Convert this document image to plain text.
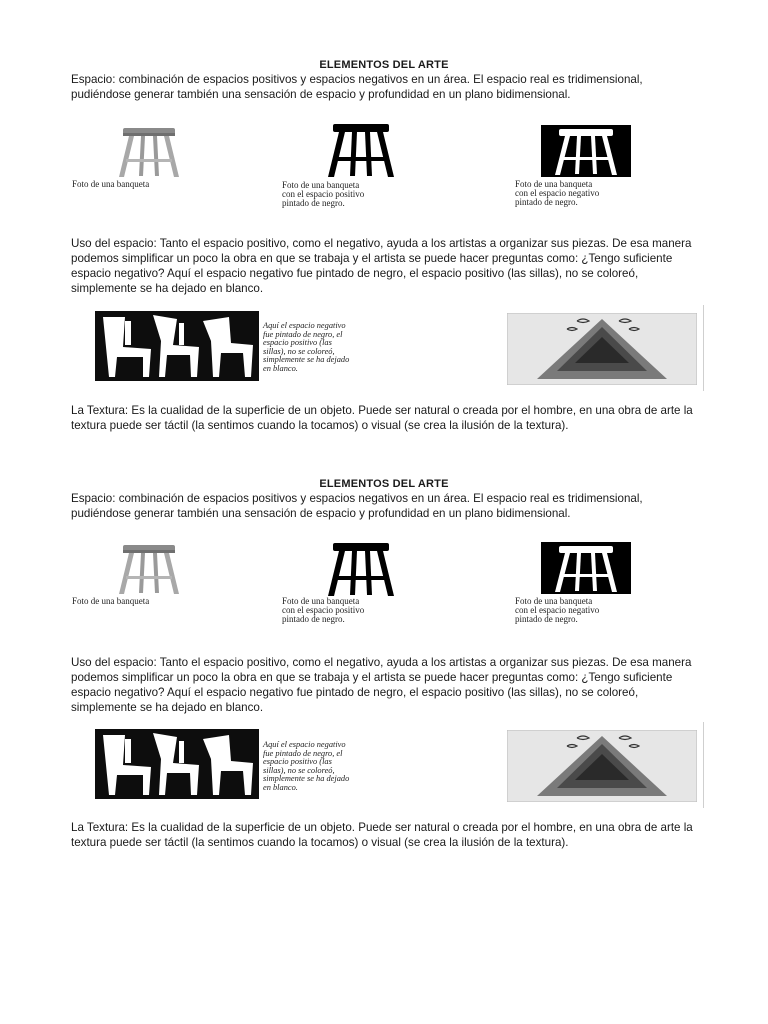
ELEMENTOS DEL ARTE

Espacio: combinación de espacios positivos y espacios negativos en un área. El espacio real es tridimensional, pudiéndose generar también una sensación de espacio y profundidad en un plano bidimensional.

Foto de una banqueta	Foto de una banqueta
con el espacio positivo
pintado de negro.
Foto de una banqueta
con el espacio negativo
pintado de negro.

Uso del espacio: Tanto el espacio positivo, como el negativo, ayuda a los artistas a organizar sus piezas. De esa manera podemos simplificar un poco la obra en que se trabaja y el artista se puede hacer preguntas como: ¿Tengo suficiente espacio negativo? Aquí el espacio negativo fue pintado de negro, el espacio positivo (las sillas), no se coloreó, simplemente se ha dejado en blanco.

Aquí el espacio negativo
fue pintado de negro, el
espacio positivo (las
sillas), no se coloreó,
simplemente se ha dejado
en blanco.

La Textura: Es la cualidad de la superficie de un objeto. Puede ser natural o creada por el hombre, en una obra de arte la textura puede ser táctil (la sentimos cuando la tocamos) o visual (se crea la ilusión de la textura).

ELEMENTOS DEL ARTE

Espacio: combinación de espacios positivos y espacios negativos en un área. El espacio real es tridimensional, pudiéndose generar también una sensación de espacio y profundidad en un plano bidimensional.

Foto de una banqueta	Foto de una banqueta
con el espacio positivo
pintado de negro.
Foto de una banqueta
con el espacio negativo
pintado de negro.

Uso del espacio: Tanto el espacio positivo, como el negativo, ayuda a los artistas a organizar sus piezas. De esa manera podemos simplificar un poco la obra en que se trabaja y el artista se puede hacer preguntas como: ¿Tengo suficiente espacio negativo? Aquí el espacio negativo fue pintado de negro, el espacio positivo (las sillas), no se coloreó, simplemente se ha dejado en blanco.

Aquí el espacio negativo
fue pintado de negro, el
espacio positivo (las
sillas), no se coloreó,
simplemente se ha dejado
en blanco.

La Textura: Es la cualidad de la superficie de un objeto. Puede ser natural o creada por el hombre, en una obra de arte la textura puede ser táctil (la sentimos cuando la tocamos) o visual (se crea la ilusión de la textura).
